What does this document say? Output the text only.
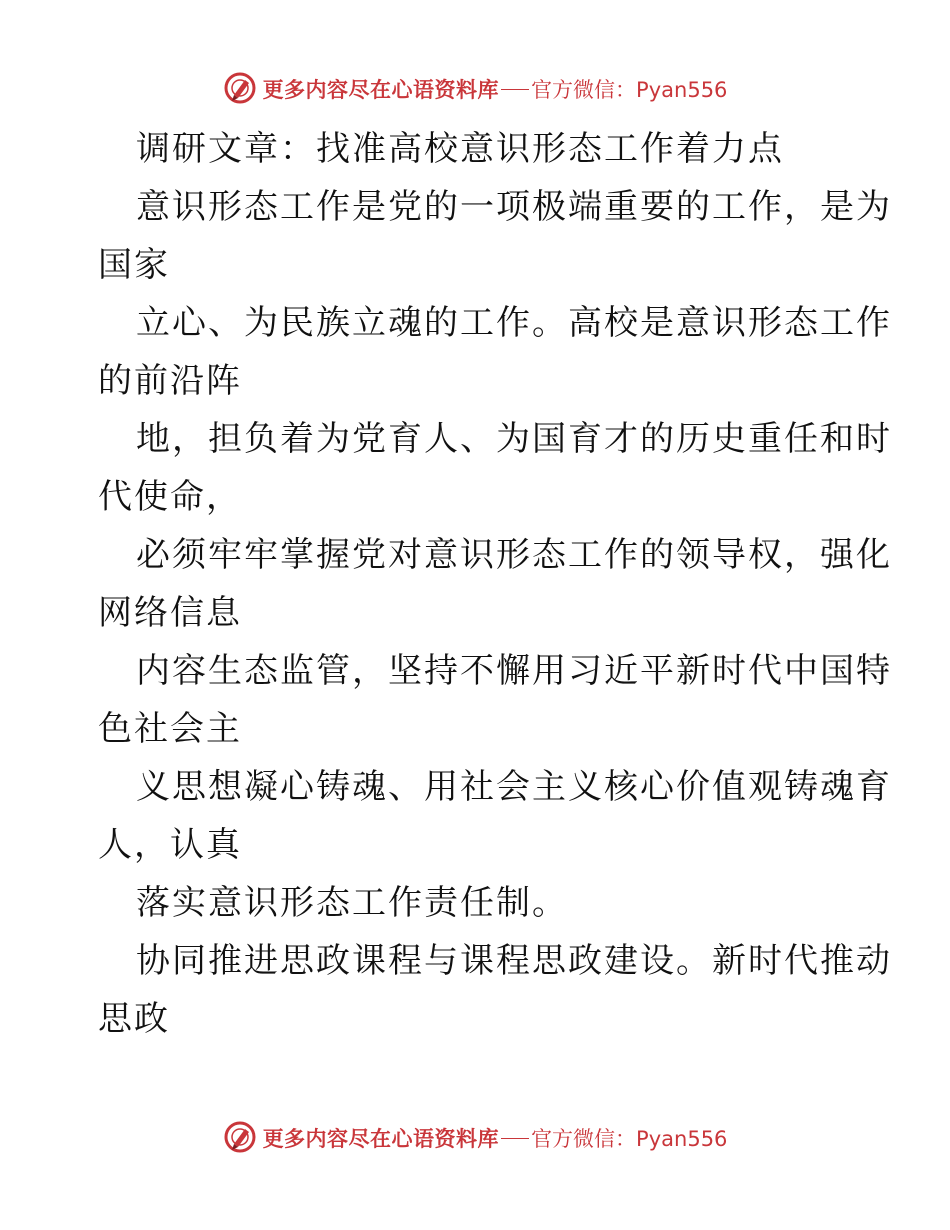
更多内容尽在心语资料库 官方微信：Pyan556
调研文章：找准高校意识形态工作着力点
意识形态工作是党的一项极端重要的工作，是为
国家
立心、为民族立魂的工作。高校是意识形态工作
的前沿阵
地，担负着为党育人、为国育才的历史重任和时
代使命，
必须牢牢掌握党对意识形态工作的领导权，强化
网络信息
内容生态监管，坚持不懈用习近平新时代中国特
色社会主
义思想凝心铸魂、用社会主义核心价值观铸魂育
人，认真
落实意识形态工作责任制。
协同推进思政课程与课程思政建设。新时代推动
思政
更多内容尽在心语资料库 官方微信：Pyan556
